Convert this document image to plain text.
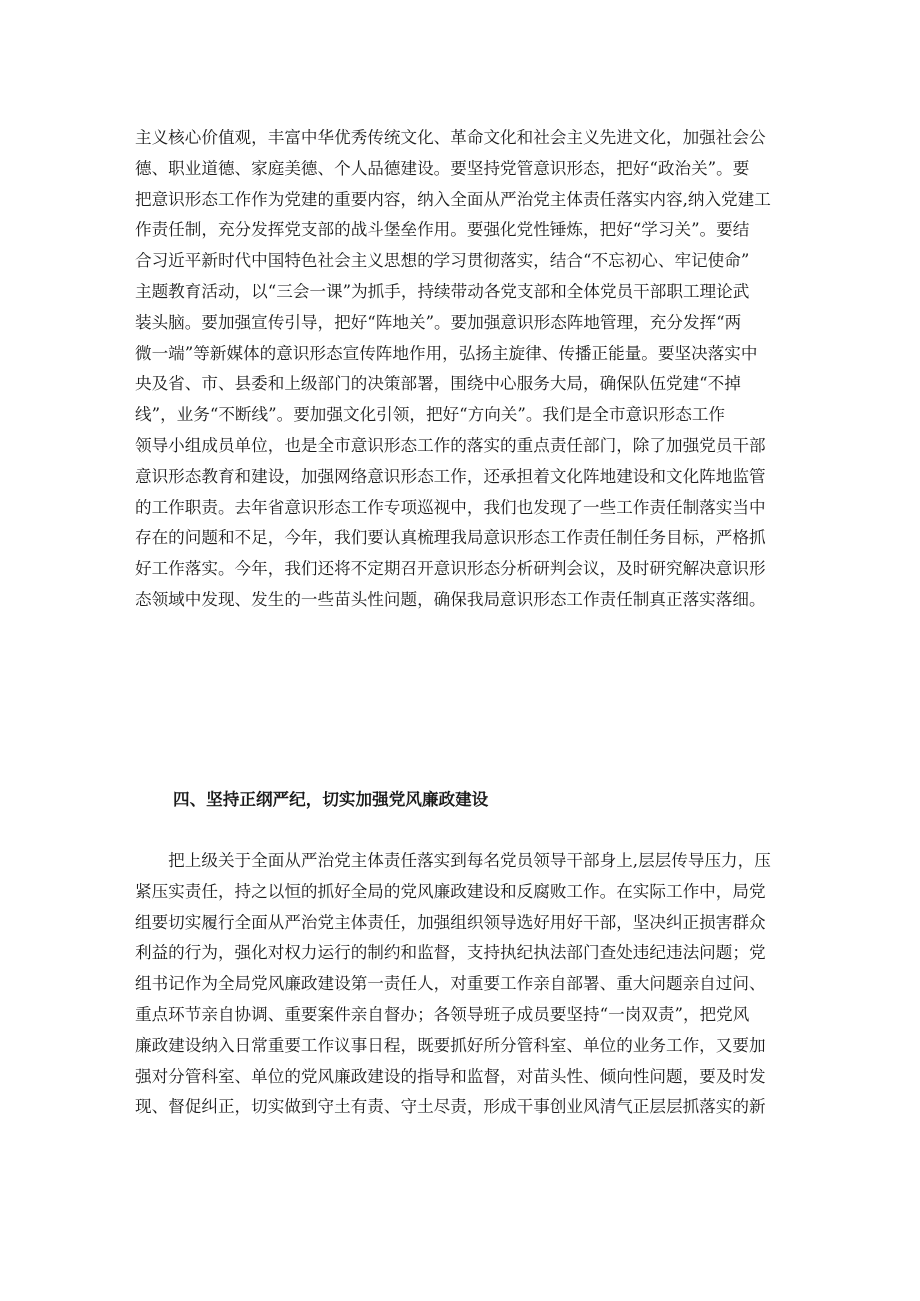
主义核心价值观，丰富中华优秀传统文化、革命文化和社会主义先进文化，加强社会公
德、职业道德、家庭美德、个人品德建设。要坚持党管意识形态，把好“政治关”。要
把意识形态工作作为党建的重要内容，纳入全面从严治党主体责任落实内容,纳入党建工
作责任制，充分发挥党支部的战斗堡垒作用。要强化党性锤炼，把好“学习关”。要结
合习近平新时代中国特色社会主义思想的学习贯彻落实，结合“不忘初心、牢记使命”
主题教育活动，以“三会一课”为抓手，持续带动各党支部和全体党员干部职工理论武
装头脑。要加强宣传引导，把好“阵地关”。要加强意识形态阵地管理，充分发挥“两
微一端”等新媒体的意识形态宣传阵地作用，弘扬主旋律、传播正能量。要坚决落实中
央及省、市、县委和上级部门的决策部署，围绕中心服务大局，确保队伍党建“不掉
线”，业务“不断线”。要加强文化引领，把好“方向关”。我们是全市意识形态工作
领导小组成员单位，也是全市意识形态工作的落实的重点责任部门，除了加强党员干部
意识形态教育和建设，加强网络意识形态工作，还承担着文化阵地建设和文化阵地监管
的工作职责。去年省意识形态工作专项巡视中，我们也发现了一些工作责任制落实当中
存在的问题和不足，今年，我们要认真梳理我局意识形态工作责任制任务目标，严格抓
好工作落实。今年，我们还将不定期召开意识形态分析研判会议，及时研究解决意识形
态领域中发现、发生的一些苗头性问题，确保我局意识形态工作责任制真正落实落细。
四、坚持正纲严纪，切实加强党风廉政建设
　　把上级关于全面从严治党主体责任落实到每名党员领导干部身上,层层传导压力，压
紧压实责任，持之以恒的抓好全局的党风廉政建设和反腐败工作。在实际工作中，局党
组要切实履行全面从严治党主体责任，加强组织领导选好用好干部，坚决纠正损害群众
利益的行为，强化对权力运行的制约和监督，支持执纪执法部门查处违纪违法问题；党
组书记作为全局党风廉政建设第一责任人，对重要工作亲自部署、重大问题亲自过问、
重点环节亲自协调、重要案件亲自督办；各领导班子成员要坚持“一岗双责”，把党风
廉政建设纳入日常重要工作议事日程，既要抓好所分管科室、单位的业务工作，又要加
强对分管科室、单位的党风廉政建设的指导和监督，对苗头性、倾向性问题，要及时发
现、督促纠正，切实做到守土有责、守土尽责，形成干事创业风清气正层层抓落实的新
